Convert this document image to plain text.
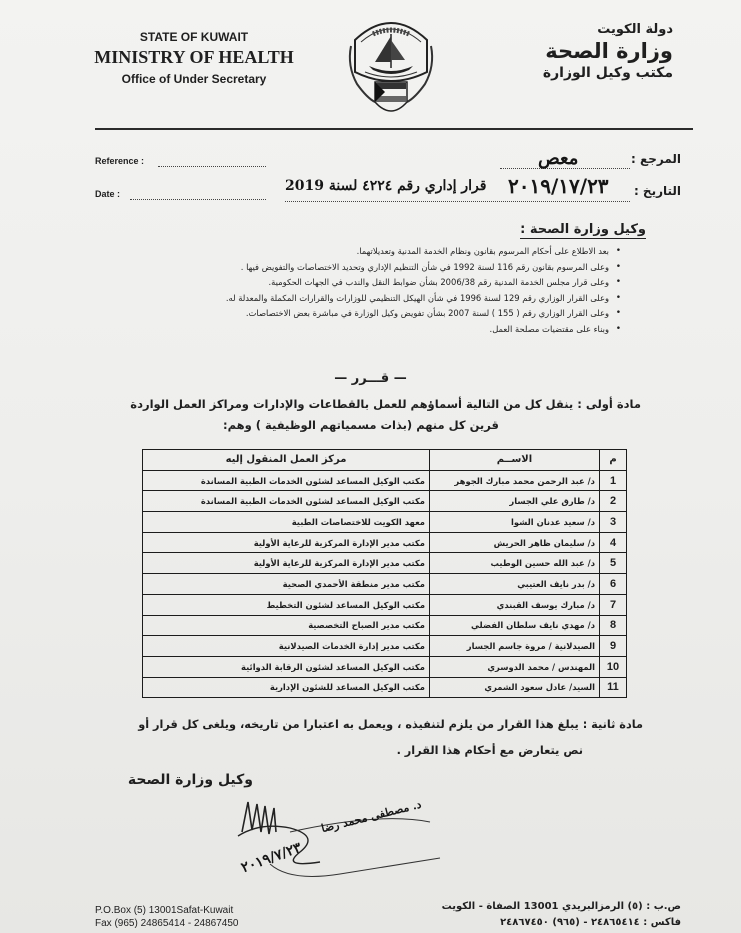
STATE OF KUWAIT
MINISTRY OF HEALTH
Office of Under Secretary
دولة الكويت
وزارة الصحة
مكتب وكيل الوزارة
Reference :
Date :
المرجع :
معص
التاريخ :
٢٠١٩/١٧/٢٣
قرار إداري رقم ٤٢٢٤ لسنة 2019
وكيل وزارة الصحة :
• بعد الاطلاع على أحكام المرسوم بقانون ونظام الخدمة المدنية وتعديلاتهما.
• وعلى المرسوم بقانون رقم 116 لسنة 1992 في شأن التنظيم الإداري وتحديد الاختصاصات والتفويض فيها .
• وعلى قرار مجلس الخدمة المدنية رقم 2006/38 بشأن ضوابط النقل والندب في الجهات الحكومية.
• وعلى القرار الوزاري رقم 129 لسنة 1996 في شأن الهيكل التنظيمي للوزارات والقرارات المكملة والمعدلة له.
• وعلى القرار الوزاري رقم ( 155 ) لسنة 2007 بشأن تفويض وكيل الوزارة في مباشرة بعض الاختصاصات.
• وبناء على مقتضيات مصلحة العمل.
— قـــرر —
مادة أولى : ينقل كل من التالية أسماؤهم للعمل بالقطاعات والإدارات ومراكز العمل الواردة
قرين كل منهم (بذات مسمياتهم الوظيفية ) وهم:
م	الاســم	مركز العمل المنقول إليه
1	د/ عبد الرحمن محمد مبارك الجوهر	مكتب الوكيل المساعد لشئون الخدمات الطبية المساندة
2	د/ طارق علي الجسار	مكتب الوكيل المساعد لشئون الخدمات الطبية المساندة
3	د/ سعيد عدنان الشوا	معهد الكويت للاختصاصات الطبية
4	د/ سليمان ظاهر الحريش	مكتب مدير الإدارة المركزية للرعاية الأولية
5	د/ عبد الله حسين الوطيب	مكتب مدير الإدارة المركزية للرعاية الأولية
6	د/ بدر نايف العتيبي	مكتب مدير منطقة الأحمدي الصحية
7	د/ مبارك يوسف القبندي	مكتب الوكيل المساعد لشئون التخطيط
8	د/ مهدي نايف سلطان الفضلي	مكتب مدير الصباح التخصصية
9	الصيدلانية / مروة جاسم الجسار	مكتب مدير إدارة الخدمات الصيدلانية
10	المهندس / محمد الدوسري	مكتب الوكيل المساعد لشئون الرقابة الدوائية
11	السيد/ عادل سعود الشمري	مكتب الوكيل المساعد للشئون الإدارية
مادة ثانية : يبلغ هذا القرار من يلزم لتنفيذه ، ويعمل به اعتبارا من تاريخه، ويلغى كل قرار أو
نص يتعارض مع أحكام هذا القرار .
وكيل وزارة الصحة
د. مصطفى محمد رضا
٢٠١٩/٧/٢٣
P.O.Box (5) 13001Safat-Kuwait
Fax (965) 24865414 - 24867450
ص.ب : (٥) الرمزالبريدي 13001 الصفاة - الكويت
فاكس : ٢٤٨٦٥٤١٤ - (٩٦٥) ٢٤٨٦٧٤٥٠
